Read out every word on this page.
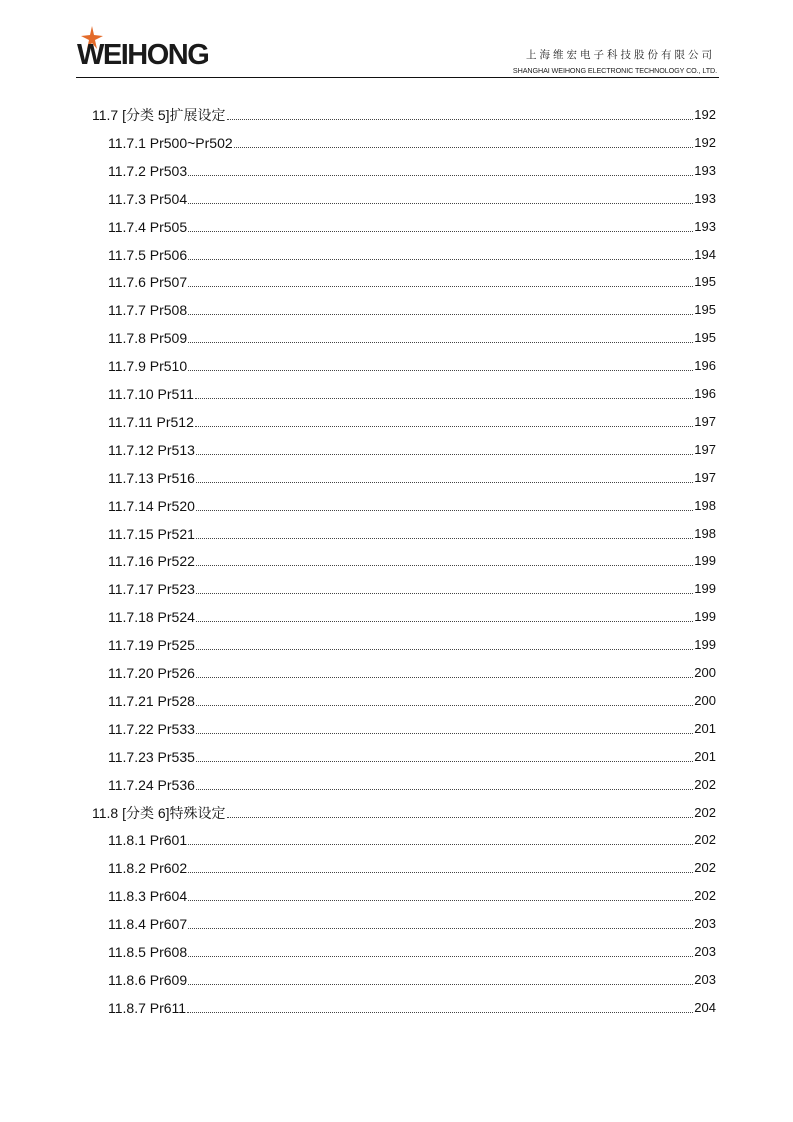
WEIHONG	上海维宏电子科技股份有限公司
SHANGHAI WEIHONG ELECTRONIC TECHNOLOGY CO., LTD.
11.7 [分类 5]扩展设定	192
11.7.1 Pr500~Pr502	192
11.7.2 Pr503	193
11.7.3 Pr504	193
11.7.4 Pr505	193
11.7.5 Pr506	194
11.7.6 Pr507	195
11.7.7 Pr508	195
11.7.8 Pr509	195
11.7.9 Pr510	196
11.7.10 Pr511	196
11.7.11 Pr512	197
11.7.12 Pr513	197
11.7.13 Pr516	197
11.7.14 Pr520	198
11.7.15 Pr521	198
11.7.16 Pr522	199
11.7.17 Pr523	199
11.7.18 Pr524	199
11.7.19 Pr525	199
11.7.20 Pr526	200
11.7.21 Pr528	200
11.7.22 Pr533	201
11.7.23 Pr535	201
11.7.24 Pr536	202
11.8 [分类 6]特殊设定	202
11.8.1 Pr601	202
11.8.2 Pr602	202
11.8.3 Pr604	202
11.8.4 Pr607	203
11.8.5 Pr608	203
11.8.6 Pr609	203
11.8.7 Pr611	204
